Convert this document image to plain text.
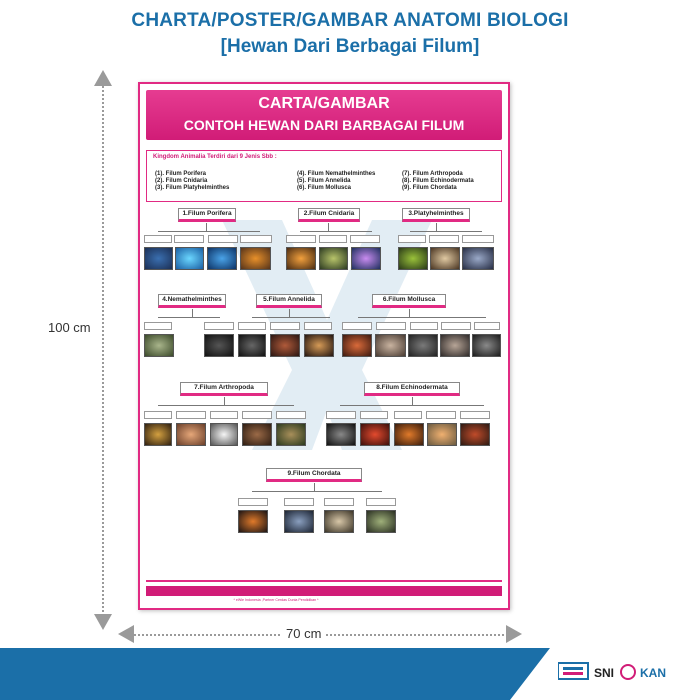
CHARTA/POSTER/GAMBAR ANATOMI BIOLOGI
[Hewan Dari Berbagai Filum]
100 cm
70 cm
CARTA/GAMBAR
CONTOH HEWAN DARI BARBAGAI FILUM
Kingdom Animalia Terdiri dari 9 Jenis Sbb :
(1). Filum Porifera
(2). Filum Cnidaria
(3). Filum Platyhelminthes
(4). Filum Nemathelminthes
(5). Filum Annelida
(6). Filum Mollusca
(7). Filum Arthropoda
(8). Filum Echinodermata
(9). Filum Chordata
1.Filum Porifera	2.Filum Cnidaria	3.Platyhelminthes
4.Nemathelminthes	5.Filum Annelida	6.Filum Mollusca
7.Filum Arthropoda	8.Filum Echinodermata
9.Filum Chordata
* eWie Indonesia ,Partner Cerdas Dunia Pendidikan *
SNI KAN
